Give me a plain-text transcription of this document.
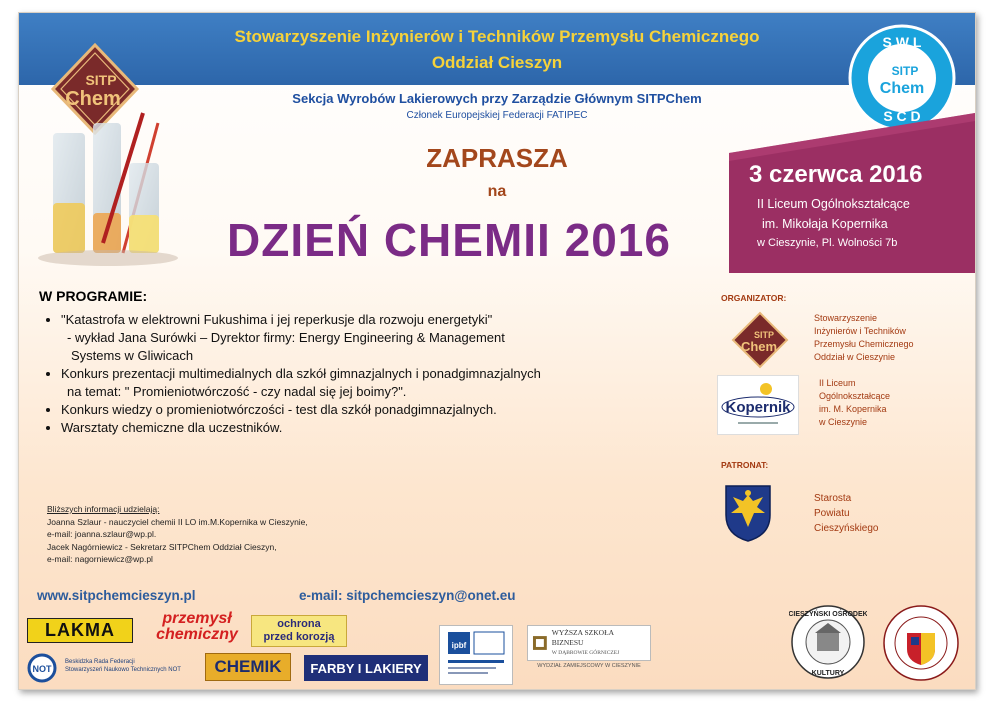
Stowarzyszenie Inżynierów i Techników Przemysłu Chemicznego
Oddział Cieszyn
SITP
Chem
S W L
S C D
SITP
Chem
Sekcja Wyrobów Lakierowych przy Zarządzie Głównym SITPChem
Członek Europejskiej Federacji FATIPEC
ZAPRASZA
na
DZIEŃ CHEMII 2016
3 czerwca 2016
II Liceum Ogólnokształcące
im. Mikołaja Kopernika
w Cieszynie, Pl. Wolności 7b
W PROGRAMIE:
• "Katastrofa w elektrowni Fukushima i jej reperkusje dla rozwoju energetyki"
- wykład Jana Surówki – Dyrektor firmy: Energy Engineering & Management
Systems w Gliwicach
• Konkurs prezentacji multimedialnych dla szkół gimnazjalnych i ponadgimnazjalnych
na temat: " Promieniotwórczość - czy nadal się jej boimy?".
• Konkurs wiedzy o promieniotwórczości - test dla szkół ponadgimnazjalnych.
• Warsztaty chemiczne dla uczestników.
Bliższych informacji udzielają:
Joanna Szlaur - nauczyciel chemii II LO im.M.Kopernika w Cieszynie,
e-mail: joanna.szlaur@wp.pl.
Jacek Nagórniewicz - Sekretarz SITPChem Oddział Cieszyn,
e-mail: nagorniewicz@wp.pl
www.sitpchemcieszyn.pl	e-mail: sitpchemcieszyn@onet.eu
ORGANIZATOR:
SITP
Chem
Stowarzyszenie
Inżynierów i Techników
Przemysłu Chemicznego
Oddział w Cieszynie
Kopernik
II Liceum
Ogólnokształcące
im. M. Kopernika
w Cieszynie
PATRONAT:
Starosta
Powiatu
Cieszyńskiego
LAKMA
przemysł
chemiczny
ochrona
przed korozją
NOT
Beskidzka Rada Federacji
Stowarzyszeń Naukowo Technicznych NOT CHEMIK FARBY I LAKIERY
ipbf
WYŻSZA SZKOŁA BIZNESU
W DĄBROWIE GÓRNICZEJ
WYDZIAŁ ZAMIEJSCOWY W CIESZYNIE
CIESZYŃSKI OŚRODEK
KULTURY
